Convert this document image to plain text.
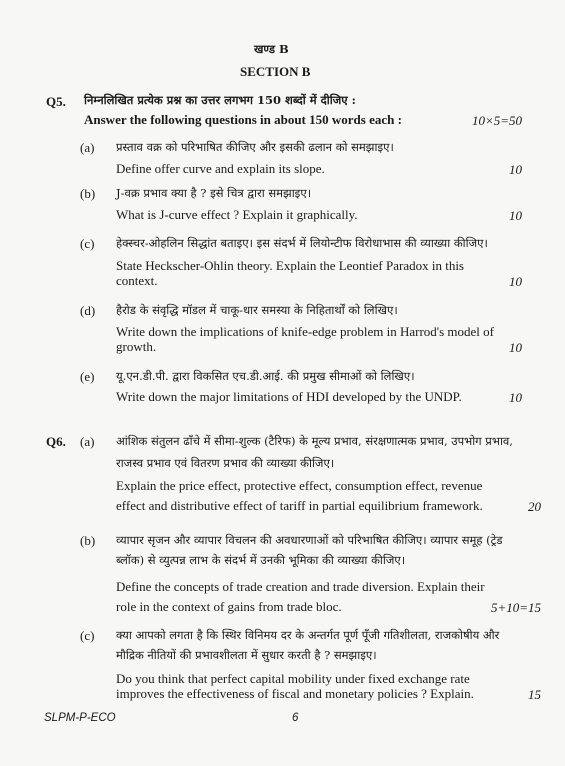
खण्ड B
SECTION B
Q5. निम्नलिखित प्रत्येक प्रश्न का उत्तर लगभग 150 शब्दों में दीजिए :
Answer the following questions in about 150 words each :	10×5=50
(a) प्रस्ताव वक्र को परिभाषित कीजिए और इसकी ढलान को समझाइए।
Define offer curve and explain its slope.	10
(b) J-वक्र प्रभाव क्या है ? इसे चित्र द्वारा समझाइए।
What is J-curve effect ? Explain it graphically.	10
(c) हेक्स्चर-ओहलिन सिद्धांत बताइए। इस संदर्भ में लियोन्टीफ विरोधाभास की व्याख्या कीजिए।
State Heckscher-Ohlin theory. Explain the Leontief Paradox in this
context.	10
(d) हैरोड के संवृद्धि मॉडल में चाकू-धार समस्या के निहितार्थों को लिखिए।
Write down the implications of knife-edge problem in Harrod's model of
growth.	10
(e) यू.एन.डी.पी. द्वारा विकसित एच.डी.आई. की प्रमुख सीमाओं को लिखिए।
Write down the major limitations of HDI developed by the UNDP.	10
Q6. (a) आंशिक संतुलन ढाँचे में सीमा-शुल्क (टैरिफ) के मूल्य प्रभाव, संरक्षणात्मक प्रभाव, उपभोग प्रभाव,
राजस्व प्रभाव एवं वितरण प्रभाव की व्याख्या कीजिए।
Explain the price effect, protective effect, consumption effect, revenue
effect and distributive effect of tariff in partial equilibrium framework.	20
(b) व्यापार सृजन और व्यापार विचलन की अवधारणाओं को परिभाषित कीजिए। व्यापार समूह (ट्रेड
ब्लॉक) से व्युत्पन्न लाभ के संदर्भ में उनकी भूमिका की व्याख्या कीजिए।
Define the concepts of trade creation and trade diversion. Explain their
role in the context of gains from trade bloc.	5+10=15
(c) क्या आपको लगता है कि स्थिर विनिमय दर के अन्तर्गत पूर्ण पूँजी गतिशीलता, राजकोषीय और
मौद्रिक नीतियों की प्रभावशीलता में सुधार करती है ? समझाइए।
Do you think that perfect capital mobility under fixed exchange rate
improves the effectiveness of fiscal and monetary policies ? Explain.	15
SLPM-P-ECO	6
